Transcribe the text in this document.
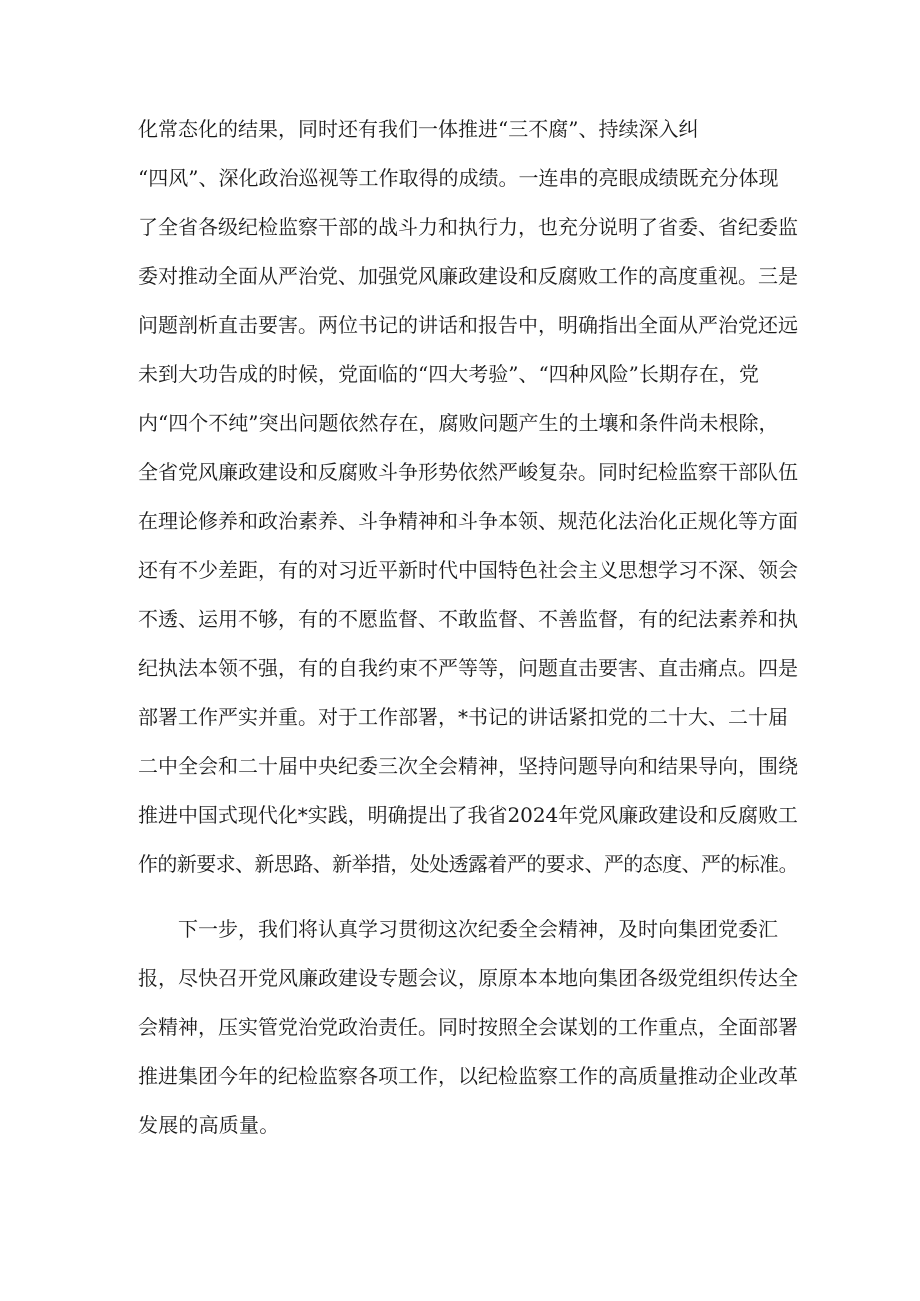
化常态化的结果，同时还有我们一体推进“三不腐”、持续深入纠
“四风”、深化政治巡视等工作取得的成绩。一连串的亮眼成绩既充分体现
了全省各级纪检监察干部的战斗力和执行力，也充分说明了省委、省纪委监
委对推动全面从严治党、加强党风廉政建设和反腐败工作的高度重视。三是
问题剖析直击要害。两位书记的讲话和报告中，明确指出全面从严治党还远
未到大功告成的时候，党面临的“四大考验”、“四种风险”长期存在，党
内“四个不纯”突出问题依然存在，腐败问题产生的土壤和条件尚未根除，
全省党风廉政建设和反腐败斗争形势依然严峻复杂。同时纪检监察干部队伍
在理论修养和政治素养、斗争精神和斗争本领、规范化法治化正规化等方面
还有不少差距，有的对习近平新时代中国特色社会主义思想学习不深、领会
不透、运用不够，有的不愿监督、不敢监督、不善监督，有的纪法素养和执
纪执法本领不强，有的自我约束不严等等，问题直击要害、直击痛点。四是
部署工作严实并重。对于工作部署，*书记的讲话紧扣党的二十大、二十届
二中全会和二十届中央纪委三次全会精神，坚持问题导向和结果导向，围绕
推进中国式现代化*实践，明确提出了我省2024年党风廉政建设和反腐败工
作的新要求、新思路、新举措，处处透露着严的要求、严的态度、严的标准。
下一步，我们将认真学习贯彻这次纪委全会精神，及时向集团党委汇
报，尽快召开党风廉政建设专题会议，原原本本地向集团各级党组织传达全
会精神，压实管党治党政治责任。同时按照全会谋划的工作重点，全面部署
推进集团今年的纪检监察各项工作，以纪检监察工作的高质量推动企业改革
发展的高质量。
